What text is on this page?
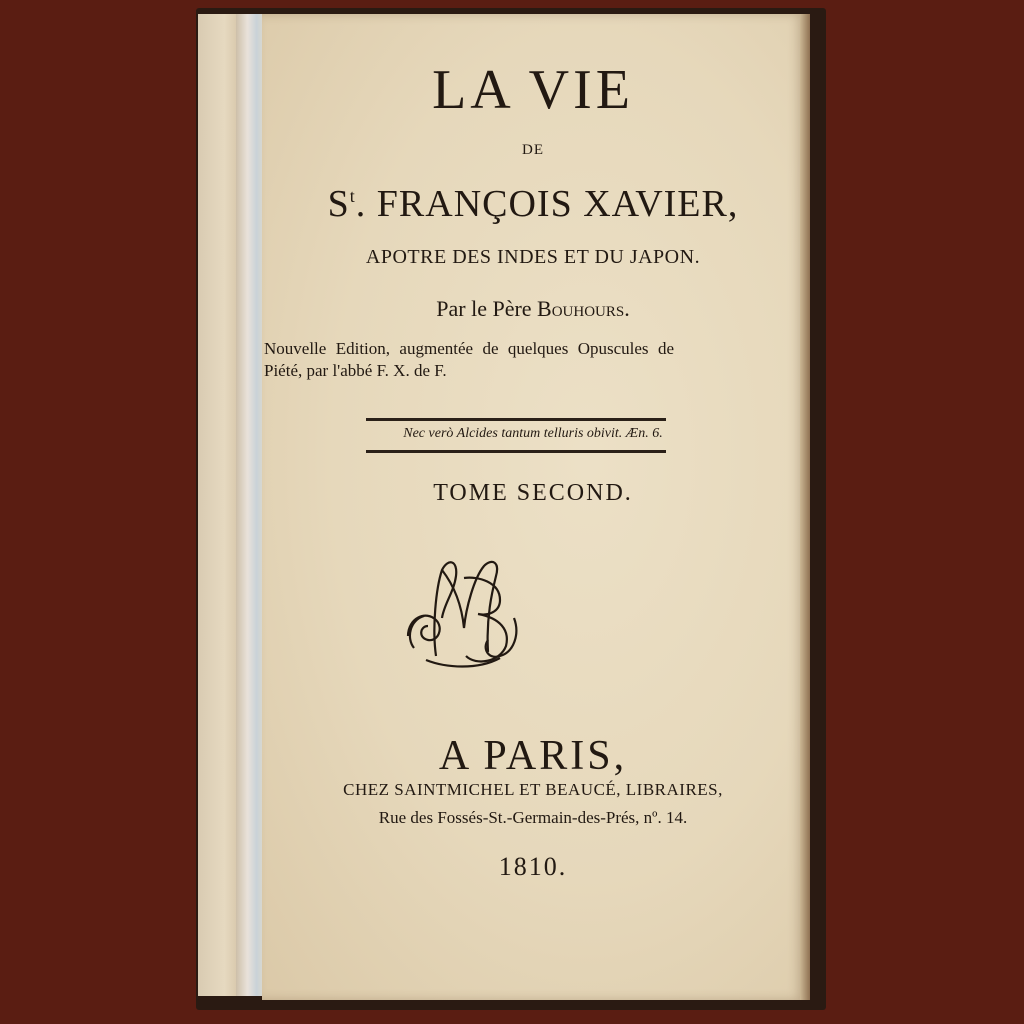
LA VIE
DE
$S^t$. FRANÇOIS XAVIER,
APOTRE DES INDES ET DU JAPON.
Par le Père Bouhours.
Nouvelle Edition, augmentée de quelques Opuscules de Piété, par l'abbé F. X. de F.
Nec verò Alcides tantum telluris obivit. Æn. 6.
TOME SECOND.
A PARIS,
CHEZ SAINTMICHEL ET BEAUCÉ, LIBRAIRES,
Rue des Fossés-St.-Germain-des-Prés, nº. 14.
1810.
